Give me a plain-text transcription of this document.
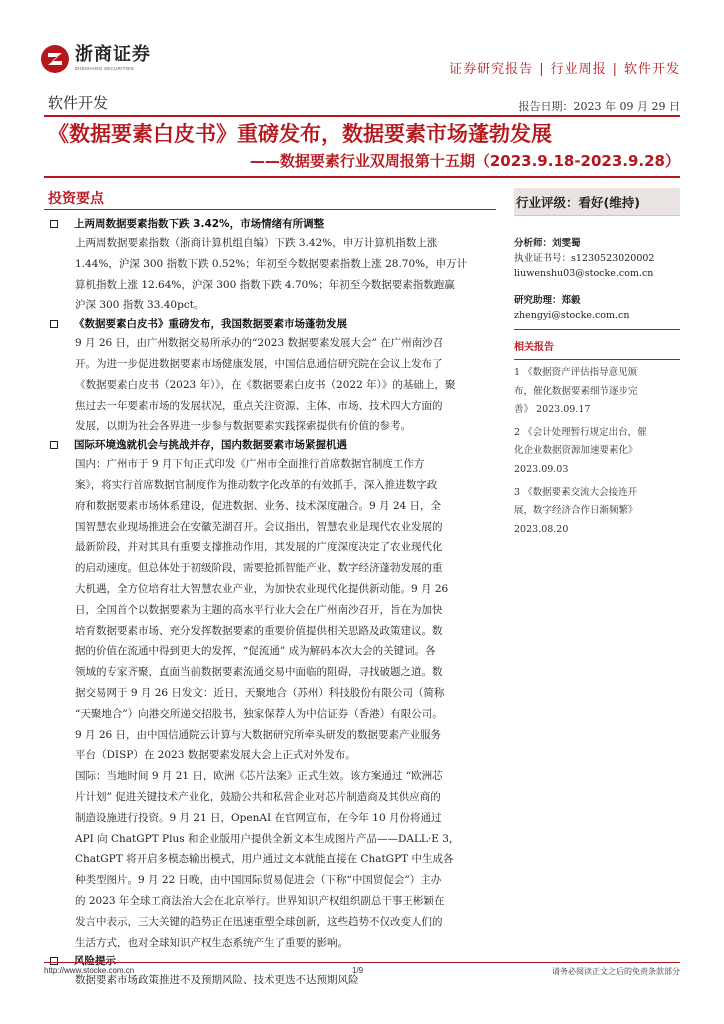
浙商证券
ZHESHANG SECURITIES	证券研究报告 | 行业周报 | 软件开发
软件开发	报告日期：2023 年 09 月 29 日
《数据要素白皮书》重磅发布，数据要素市场蓬勃发展
——数据要素行业双周报第十五期（2023.9.18-2023.9.28）
投资要点
上两周数据要素指数下跌 3.42%，市场情绪有所调整
上两周数据要素指数（浙商计算机组自编）下跌 3.42%，申万计算机指数上涨
1.44%，沪深 300 指数下跌 0.52%；年初至今数据要素指数上涨 28.70%，申万计
算机指数上涨 12.64%，沪深 300 指数下跌 4.70%；年初至今数据要素指数跑赢
沪深 300 指数 33.40pct。
《数据要素白皮书》重磅发布，我国数据要素市场蓬勃发展
9 月 26 日，由广州数据交易所承办的“2023 数据要素发展大会” 在广州南沙召
开。为进一步促进数据要素市场健康发展，中国信息通信研究院在会议上发布了
《数据要素白皮书（2023 年）》，在《数据要素白皮书（2022 年）》的基础上，聚
焦过去一年要素市场的发展状况，重点关注资源、主体、市场、技术四大方面的
发展，以期为社会各界进一步参与数据要素实践探索提供有价值的参考。
国际环境逸就机会与挑战并存，国内数据要素市场紧握机遇
国内：广州市于 9 月下旬正式印发《广州市全面推行首席数据官制度工作方
案》，将实行首席数据官制度作为推动数字化改革的有效抓手，深入推进数字政
府和数据要素市场体系建设，促进数据、业务、技术深度融合。9 月 24 日，全
国智慧农业现场推进会在安徽芜湖召开。会议指出，智慧农业是现代农业发展的
最新阶段，并对其具有重要支撑推动作用，其发展的广度深度决定了农业现代化
的启动速度。但总体处于初级阶段，需要抢抓智能产业、数字经济蓬勃发展的重
大机遇，全方位培育壮大智慧农业产业，为加快农业现代化提供新动能。9 月 26
日，全国首个以数据要素为主题的高水平行业大会在广州南沙召开，旨在为加快
培育数据要素市场、充分发挥数据要素的重要价值提供相关思路及政策建议。数
据的价值在流通中得到更大的发挥，“促流通” 成为解码本次大会的关键词。各
领域的专家齐聚，直面当前数据要素流通交易中面临的阻碍，寻找破题之道。数
据交易网于 9 月 26 日发文：近日，天聚地合（苏州）科技股份有限公司（简称
“天聚地合”）向港交所递交招股书，独家保荐人为中信证券（香港）有限公司。
9 月 26 日，由中国信通院云计算与大数据研究所牵头研发的数据要素产业服务
平台（DISP）在 2023 数据要素发展大会上正式对外发布。
国际：当地时间 9 月 21 日，欧洲《芯片法案》正式生效。该方案通过 “欧洲芯
片计划” 促进关键技术产业化，鼓励公共和私营企业对芯片制造商及其供应商的
制造设施进行投资。9 月 21 日，OpenAI 在官网宣布，在今年 10 月份将通过
API 向 ChatGPT Plus 和企业版用户提供全新文本生成图片产品——DALL·E 3，
ChatGPT 将开启多模态输出模式，用户通过文本就能直接在 ChatGPT 中生成各
种类型图片。9 月 22 日晚，由中国国际贸易促进会（下称“中国贸促会”）主办
的 2023 年全球工商法治大会在北京举行。世界知识产权组织副总干事王彬颖在
发言中表示，三大关键的趋势正在迅速重塑全球创新，这些趋势不仅改变人们的
生活方式，也对全球知识产权生态系统产生了重要的影响。
数据要素市场政策推进不及预期风险、技术更迭不达预期风险
行业评级：看好(维持)
分析师：刘雯蜀
执业证书号：s1230523020002
liuwenshu03@stocke.com.cn
研究助理：郑毅
zhengyi@stocke.com.cn
相关报告
1 《数据资产评估指导意见颁
布，催化数据要素细节逐步完
善》 2023.09.17
2 《会计处理暂行规定出台，催
化企业数据资源加速要素化》
2023.09.03
3 《数据要素交流大会接连开
展，数字经济合作日渐频繁》
2023.08.20
http://www.stocke.com.cn	1/9	请务必阅读正文之后的免责条款部分
